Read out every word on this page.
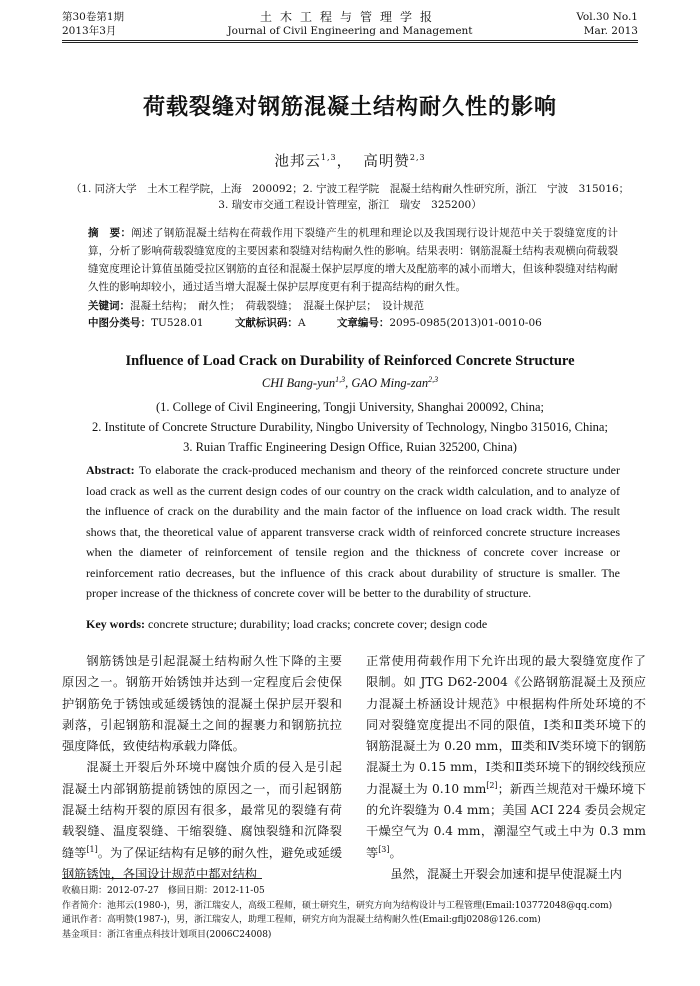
第30卷第1期
2013年3月
土木工程与管理学报
Journal of Civil Engineering and Management
Vol.30 No.1
Mar. 2013
荷载裂缝对钢筋混凝土结构耐久性的影响
池邦云$^{1,3}$， 高明赞$^{2,3}$
（1. 同济大学　土木工程学院，上海　200092；2. 宁波工程学院　混凝土结构耐久性研究所，浙江　宁波　315016；
3. 瑞安市交通工程设计管理室，浙江　瑞安　325200）
摘　要：阐述了钢筋混凝土结构在荷载作用下裂缝产生的机理和理论以及我国现行设计规范中关于裂缝宽度的计算，分析了影响荷载裂缝宽度的主要因素和裂缝对结构耐久性的影响。结果表明：钢筋混凝土结构表观横向荷载裂缝宽度理论计算值虽随受拉区钢筋的直径和混凝土保护层厚度的增大及配筋率的减小而增大，但该种裂缝对结构耐久性的影响却较小，通过适当增大混凝土保护层厚度更有利于提高结构的耐久性。
关键词：混凝土结构；　耐久性；　荷载裂缝；　混凝土保护层；　设计规范
中图分类号：TU528.01	文献标识码：A	文章编号：2095-0985(2013)01-0010-06
Influence of Load Crack on Durability of Reinforced Concrete Structure
CHI Bang-yun$^{1,3}$, GAO Ming-zan$^{2,3}$
(1. College of Civil Engineering, Tongji University, Shanghai 200092, China;
2. Institute of Concrete Structure Durability, Ningbo University of Technology, Ningbo 315016, China;
3. Ruian Traffic Engineering Design Office, Ruian 325200, China)
Abstract: To elaborate the crack-produced mechanism and theory of the reinforced concrete structure under load crack as well as the current design codes of our country on the crack width calculation, and to analyze of the influence of crack on the durability and the main factor of the influence on load crack width. The result shows that, the theoretical value of apparent transverse crack width of reinforced concrete structure increases when the diameter of reinforcement of tensile region and the thickness of concrete cover increase or reinforcement ratio decreases, but the influence of this crack about durability of structure is smaller. The proper increase of the thickness of concrete cover will be better to the durability of structure.
Key words: concrete structure; durability; load cracks; concrete cover; design code

钢筋锈蚀是引起混凝土结构耐久性下降的主要原因之一。钢筋开始锈蚀并达到一定程度后会使保护钢筋免于锈蚀或延缓锈蚀的混凝土保护层开裂和剥落，引起钢筋和混凝土之间的握裹力和钢筋抗拉强度降低，致使结构承载力降低。

混凝土开裂后外环境中腐蚀介质的侵入是引起混凝土内部钢筋提前锈蚀的原因之一，而引起钢筋混凝土结构开裂的原因有很多，最常见的裂缝有荷载裂缝、温度裂缝、干缩裂缝、腐蚀裂缝和沉降裂缝等[1]。为了保证结构有足够的耐久性，避免或延缓钢筋锈蚀，各国设计规范中都对结构

正常使用荷载作用下允许出现的最大裂缝宽度作了限制。如 JTG D62-2004《公路钢筋混凝土及预应力混凝土桥涵设计规范》中根据构件所处环境的不同对裂缝宽度提出不同的限值，Ⅰ类和Ⅱ类环境下的钢筋混凝土为 0.20 mm，Ⅲ类和Ⅳ类环境下的钢筋混凝土为 0.15 mm，Ⅰ类和Ⅱ类环境下的钢绞线预应力混凝土为 0.10 mm[2]；新西兰规范对干燥环境下的允许裂缝为 0.4 mm；美国 ACI 224 委员会规定干燥空气为 0.4 mm，潮湿空气或土中为 0.3 mm 等[3]。

虽然，混凝土开裂会加速和提早使混凝土内

收稿日期：2012-07-27　修回日期：2012-11-05
作者简介：池邦云(1980-)，男，浙江瑞安人，高级工程师，硕士研究生，研究方向为结构设计与工程管理(Email:103772048@qq.com)
通讯作者：高明赞(1987-)，男，浙江瑞安人，助理工程师，研究方向为混凝土结构耐久性(Email:gflj0208@126.com)
基金项目：浙江省重点科技计划项目(2006C24008)
